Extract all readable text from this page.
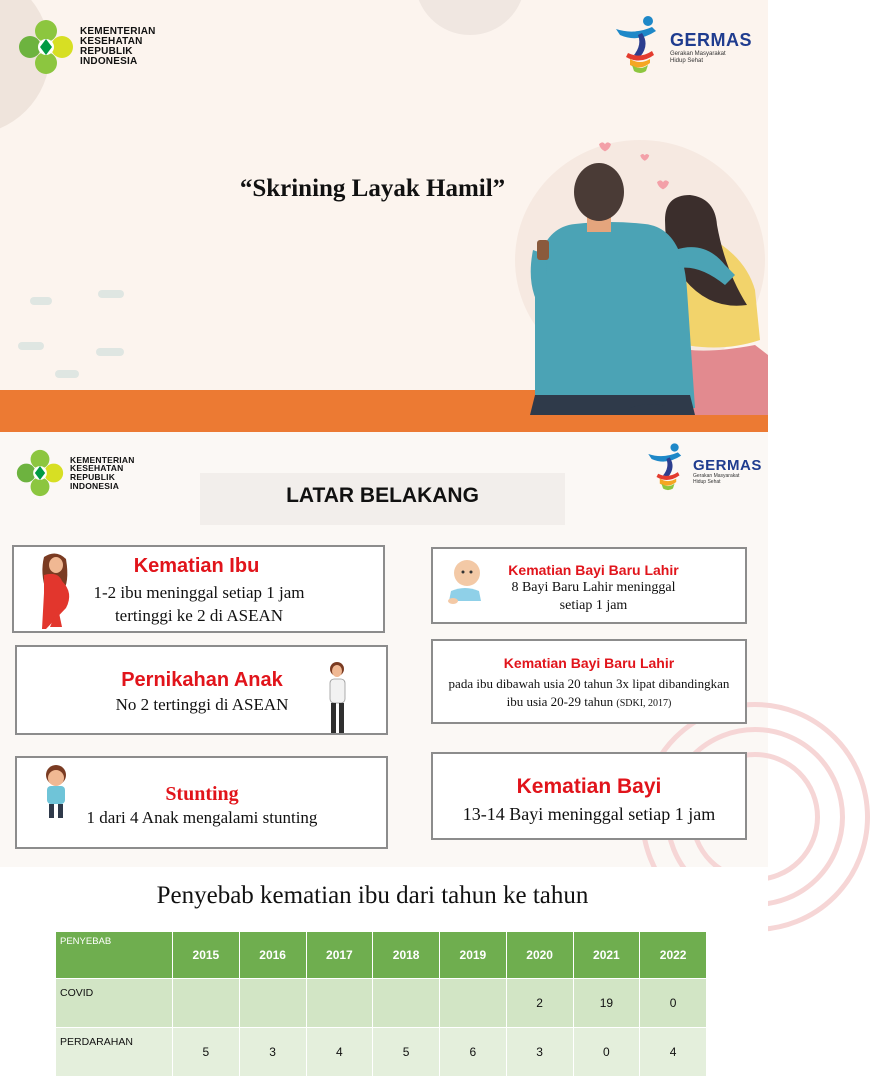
KEMENTERIAN
KESEHATAN
REPUBLIK
INDONESIA
GERMAS
Gerakan Masyarakat
Hidup Sehat
“Skrining Layak Hamil”
KEMENTERIAN
KESEHATAN
REPUBLIK
INDONESIA
GERMAS
Gerakan Masyarakat
Hidup Sehat
LATAR BELAKANG
Kematian Ibu
1-2 ibu meninggal setiap 1 jam
tertinggi ke 2 di ASEAN
Pernikahan Anak
No 2 tertinggi di ASEAN
Stunting
1 dari 4 Anak mengalami stunting
Kematian Bayi Baru Lahir
8 Bayi Baru Lahir meninggal
setiap 1 jam
Kematian Bayi Baru Lahir
pada ibu dibawah usia 20 tahun 3x lipat dibandingkan
ibu usia 20-29 tahun (SDKI, 2017)
Kematian Bayi
13-14 Bayi meninggal setiap 1 jam
Penyebab kematian ibu dari tahun ke tahun
PENYEBAB	2015	2016	2017	2018	2019	2020	2021	2022
COVID						2	19	0
PERDARAHAN	5	3	4	5	6	3	0	4
